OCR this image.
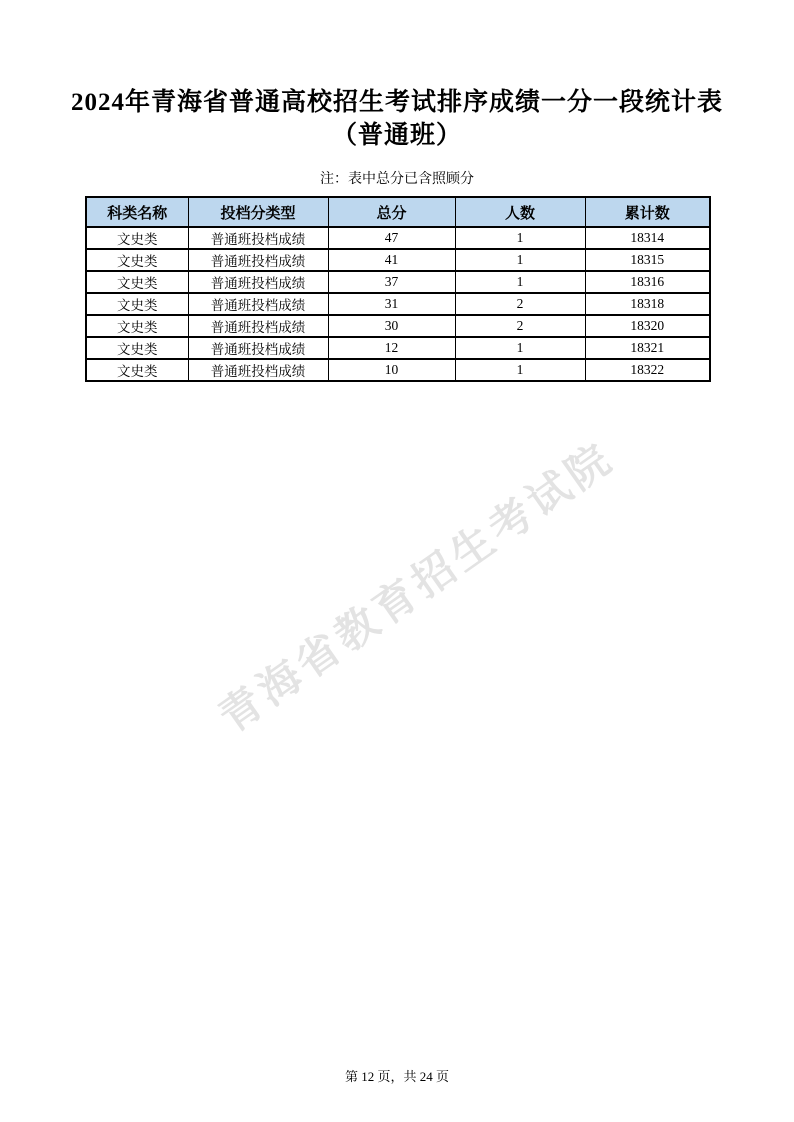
2024年青海省普通高校招生考试排序成绩一分一段统计表
（普通班）
注：表中总分已含照顾分
科类名称	投档分类型	总分	人数	累计数
文史类	普通班投档成绩	47	1	18314
文史类	普通班投档成绩	41	1	18315
文史类	普通班投档成绩	37	1	18316
文史类	普通班投档成绩	31	2	18318
文史类	普通班投档成绩	30	2	18320
文史类	普通班投档成绩	12	1	18321
文史类	普通班投档成绩	10	1	18322
青海省教育招生考试院
第 12 页，共 24 页
